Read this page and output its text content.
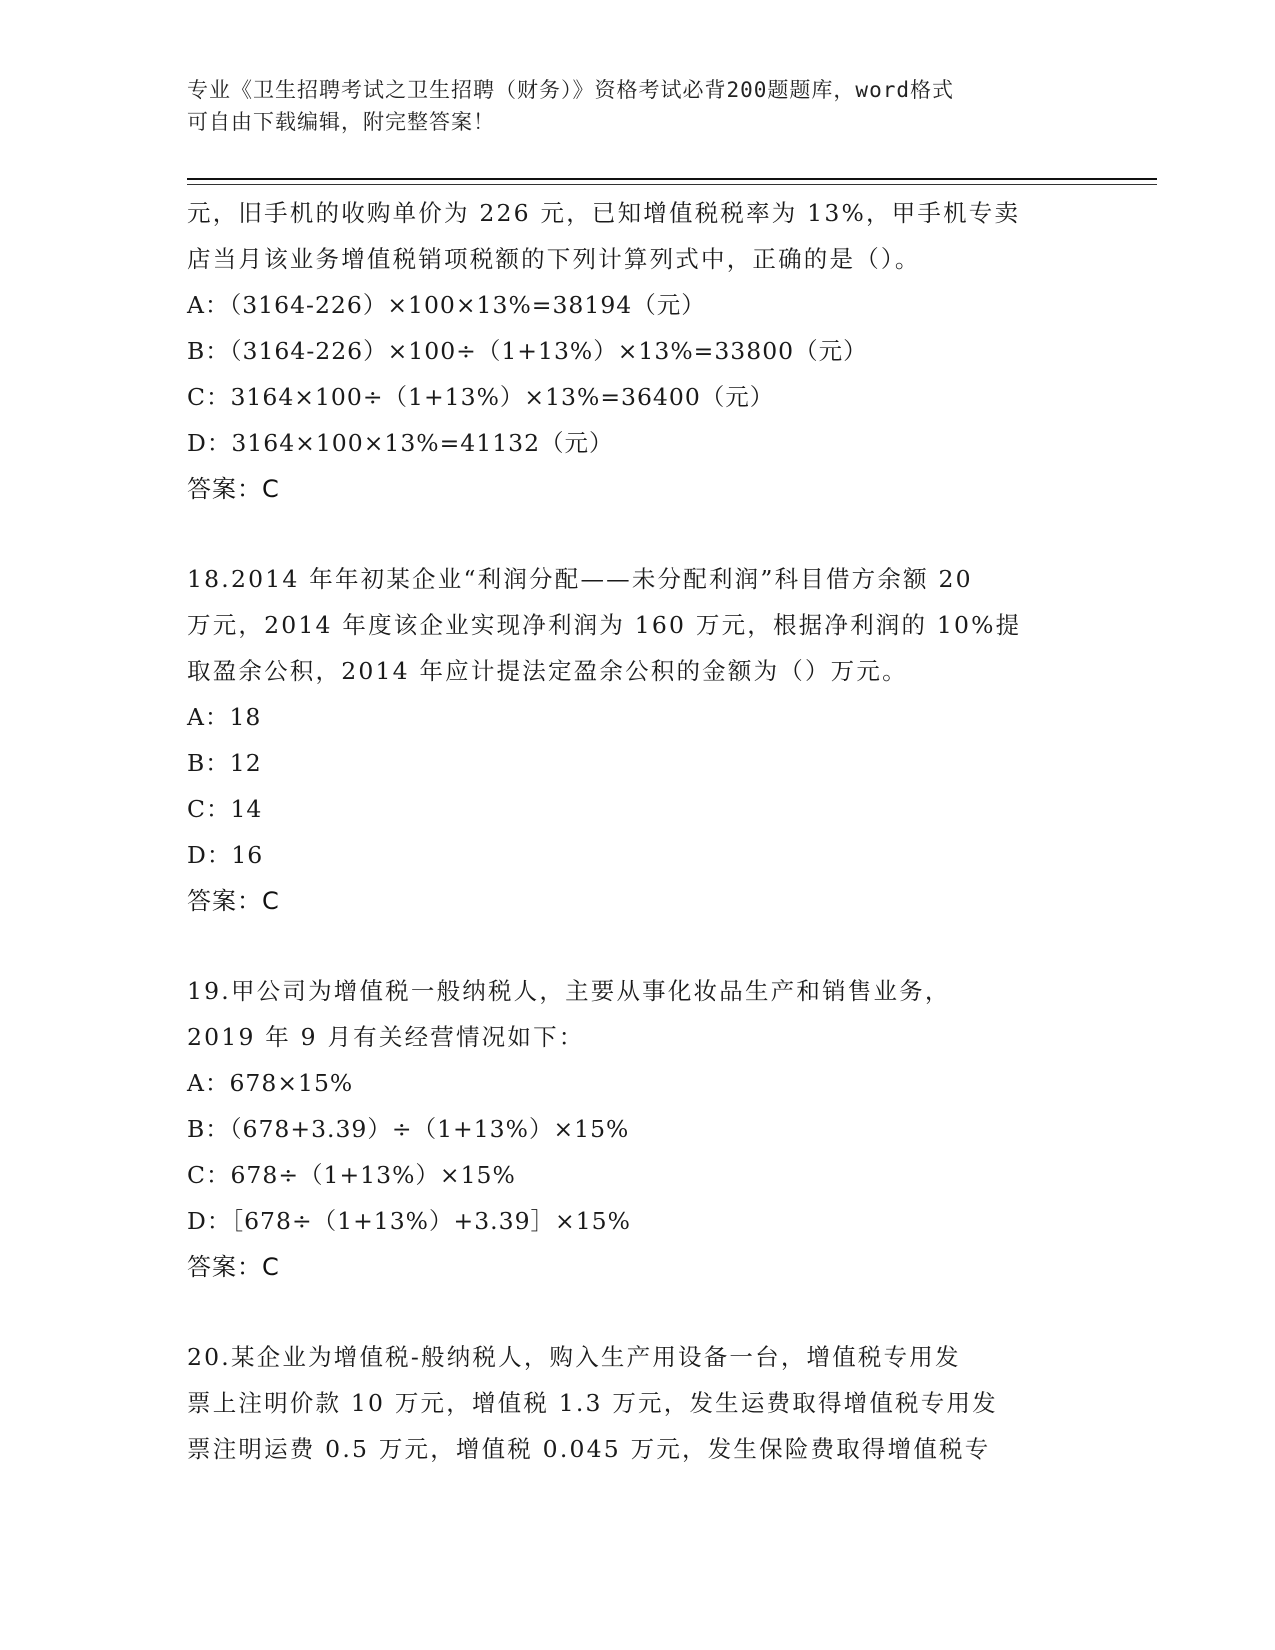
专业《卫生招聘考试之卫生招聘（财务）》资格考试必背200题题库，word格式
可自由下载编辑，附完整答案！
元，旧手机的收购单价为 226 元，已知增值税税率为 13%，甲手机专卖
店当月该业务增值税销项税额的下列计算列式中，正确的是（）。
A：（3164-226）×100×13%=38194（元）
B：（3164-226）×100÷（1+13%）×13%=33800（元）
C：3164×100÷（1+13%）×13%=36400（元）
D：3164×100×13%=41132（元）
答案：C
18.2014 年年初某企业“利润分配——未分配利润”科目借方余额 20
万元，2014 年度该企业实现净利润为 160 万元，根据净利润的 10%提
取盈余公积，2014 年应计提法定盈余公积的金额为（）万元。
A：18
B：12
C：14
D：16
答案：C
19.甲公司为增值税一般纳税人，主要从事化妆品生产和销售业务，
2019 年 9 月有关经营情况如下：
A：678×15%
B：（678+3.39）÷（1+13%）×15%
C：678÷（1+13%）×15%
D：［678÷（1+13%）+3.39］×15%
答案：C
20.某企业为增值税-般纳税人，购入生产用设备一台，增值税专用发
票上注明价款 10 万元，增值税 1.3 万元，发生运费取得增值税专用发
票注明运费 0.5 万元，增值税 0.045 万元，发生保险费取得增值税专
